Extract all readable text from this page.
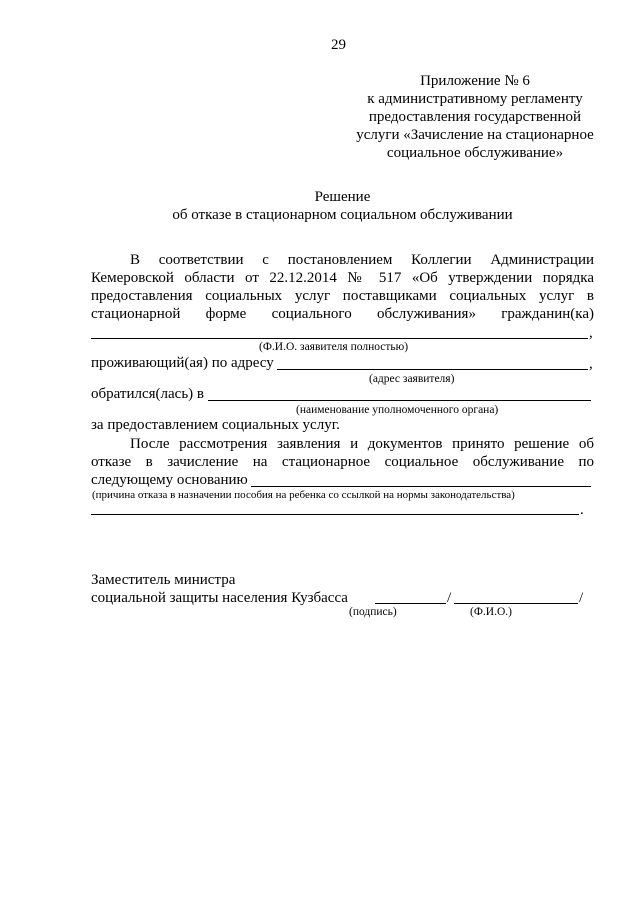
29
Приложение № 6
к административному регламенту
предоставления государственной
услуги «Зачисление на стационарное
социальное обслуживание»
Решение
об отказе в стационарном социальном обслуживании
В соответствии с постановлением Коллегии Администрации
Кемеровской области от 22.12.2014 № 517 «Об утверждении порядка
предоставления социальных услуг поставщиками социальных услуг в
стационарной форме социального обслуживания» гражданин(ка)
,
(Ф.И.О. заявителя полностью)
проживающий(ая) по адресу	,
(адрес заявителя)
обратился(лась) в
(наименование уполномоченного органа)
за предоставлением социальных услуг.
После рассмотрения заявления и документов принято решение об
отказе в зачисление на стационарное социальное обслуживание по
следующему основанию
(причина отказа в назначении пособия на ребенка со ссылкой на нормы законодательства)
.
Заместитель министра
социальной защиты населения Кузбасса	/	/
(подпись)	(Ф.И.О.)
